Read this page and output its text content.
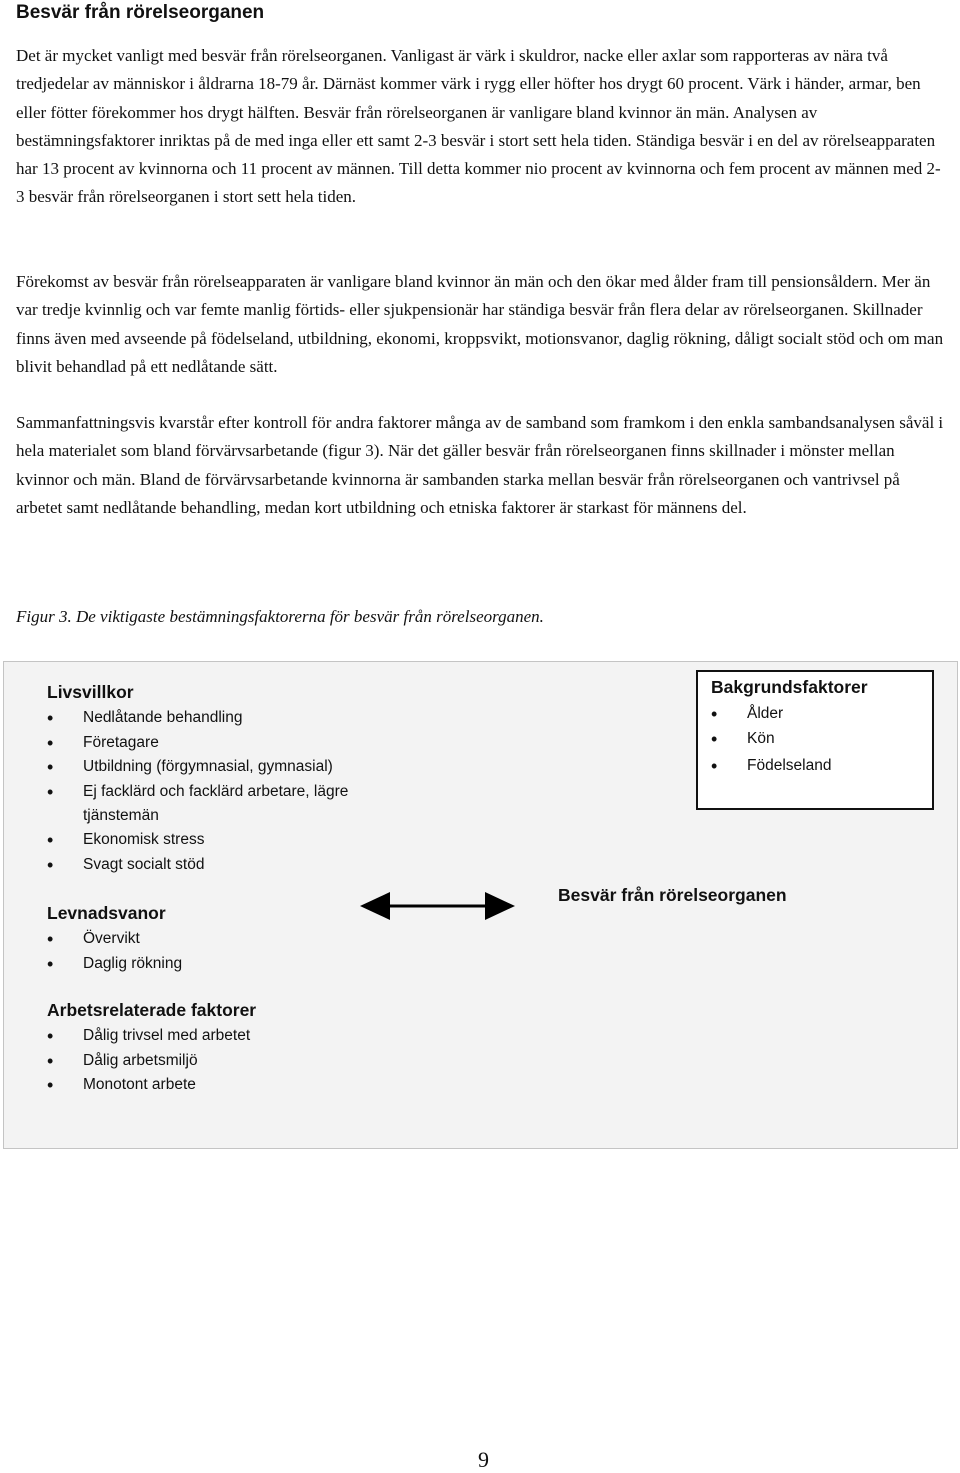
Besvär från rörelseorganen

Det är mycket vanligt med besvär från rörelseorganen. Vanligast är värk i skuldror, nacke eller axlar som rapporteras av nära två tredjedelar av människor i åldrarna 18-79 år. Därnäst kommer värk i rygg eller höfter hos drygt 60 procent. Värk i händer, armar, ben eller fötter förekommer hos drygt hälften. Besvär från rörelseorganen är vanligare bland kvinnor än män. Analysen av bestämningsfaktorer inriktas på de med inga eller ett samt 2-3 besvär i stort sett hela tiden. Ständiga besvär i en del av rörelseapparaten har 13 procent av kvinnorna och 11 procent av männen. Till detta kommer nio procent av kvinnorna och fem procent av männen med 2-3 besvär från rörelseorganen i stort sett hela tiden.

Förekomst av besvär från rörelseapparaten är vanligare bland kvinnor än män och den ökar med ålder fram till pensionsåldern. Mer än var tredje kvinnlig och var femte manlig förtids- eller sjukpensionär har ständiga besvär från flera delar av rörelseorganen. Skillnader finns även med avseende på födelseland, utbildning, ekonomi, kroppsvikt, motionsvanor, daglig rökning, dåligt socialt stöd och om man blivit behandlad på ett nedlåtande sätt.

Sammanfattningsvis kvarstår efter kontroll för andra faktorer många av de samband som framkom i den enkla sambandsanalysen såväl i hela materialet som bland förvärvsarbetande (figur 3). När det gäller besvär från rörelseorganen finns skillnader i mönster mellan kvinnor och män. Bland de förvärvsarbetande kvinnorna är sambanden starka mellan besvär från rörelseorganen och vantrivsel på arbetet samt nedlåtande behandling, medan kort utbildning och etniska faktorer är starkast för männens del.

Figur 3. De viktigaste bestämningsfaktorerna för besvär från rörelseorganen.

Livsvillkor
• Nedlåtande behandling
• Företagare
• Utbildning (förgymnasial, gymnasial)
• Ej facklärd och facklärd arbetare, lägre tjänstemän
• Ekonomisk stress
• Svagt socialt stöd
Levnadsvanor
• Övervikt
• Daglig rökning
Arbetsrelaterade faktorer
• Dålig trivsel med arbetet
• Dålig arbetsmiljö
• Monotont arbete
Bakgrundsfaktorer
• Ålder
• Kön
• Födelseland
Besvär från rörelseorganen

9
